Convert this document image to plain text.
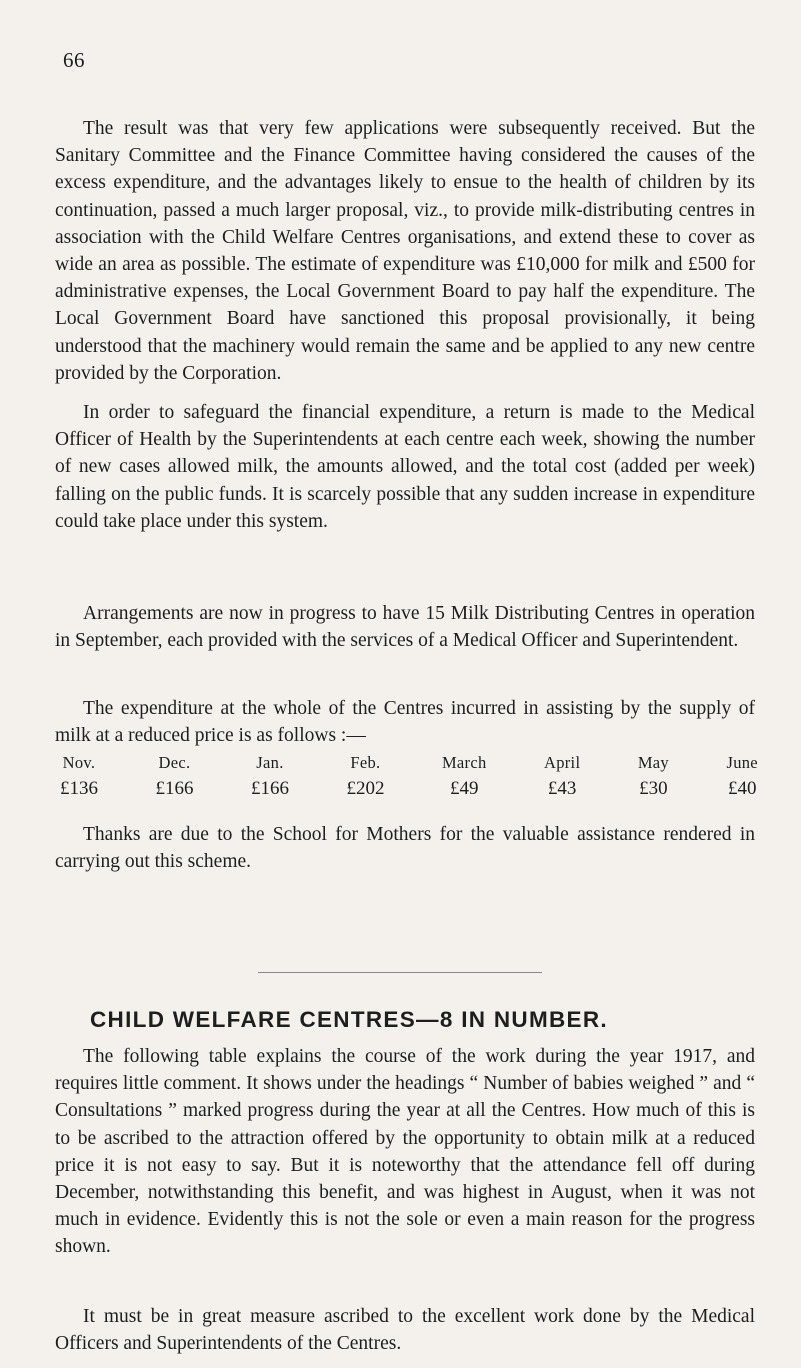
66

The result was that very few applications were subsequently received. But the Sanitary Committee and the Finance Committee having considered the causes of the excess expenditure, and the advantages likely to ensue to the health of children by its continuation, passed a much larger proposal, viz., to provide milk-distributing centres in association with the Child Welfare Centres organisations, and extend these to cover as wide an area as possible. The estimate of expenditure was £10,000 for milk and £500 for administrative expenses, the Local Government Board to pay half the expenditure. The Local Government Board have sanctioned this proposal provisionally, it being understood that the machinery would remain the same and be applied to any new centre provided by the Corporation.

In order to safeguard the financial expenditure, a return is made to the Medical Officer of Health by the Superintendents at each centre each week, showing the number of new cases allowed milk, the amounts allowed, and the total cost (added per week) falling on the public funds. It is scarcely possible that any sudden increase in expenditure could take place under this system.

Arrangements are now in progress to have 15 Milk Distributing Centres in operation in September, each provided with the services of a Medical Officer and Superintendent.

The expenditure at the whole of the Centres incurred in assisting by the supply of milk at a reduced price is as follows :—

Nov.
£136
Dec.
£166
Jan.
£166
Feb.
£202
March
£49
April
£43
May
£30
June
£40

Thanks are due to the School for Mothers for the valuable assistance rendered in carrying out this scheme.

CHILD WELFARE CENTRES—8 IN NUMBER.

The following table explains the course of the work during the year 1917, and requires little comment. It shows under the headings “ Number of babies weighed ” and “ Consultations ” marked progress during the year at all the Centres. How much of this is to be ascribed to the attraction offered by the opportunity to obtain milk at a reduced price it is not easy to say. But it is noteworthy that the attendance fell off during December, notwithstanding this benefit, and was highest in August, when it was not much in evidence. Evidently this is not the sole or even a main reason for the progress shown.

It must be in great measure ascribed to the excellent work done by the Medical Officers and Superintendents of the Centres.
